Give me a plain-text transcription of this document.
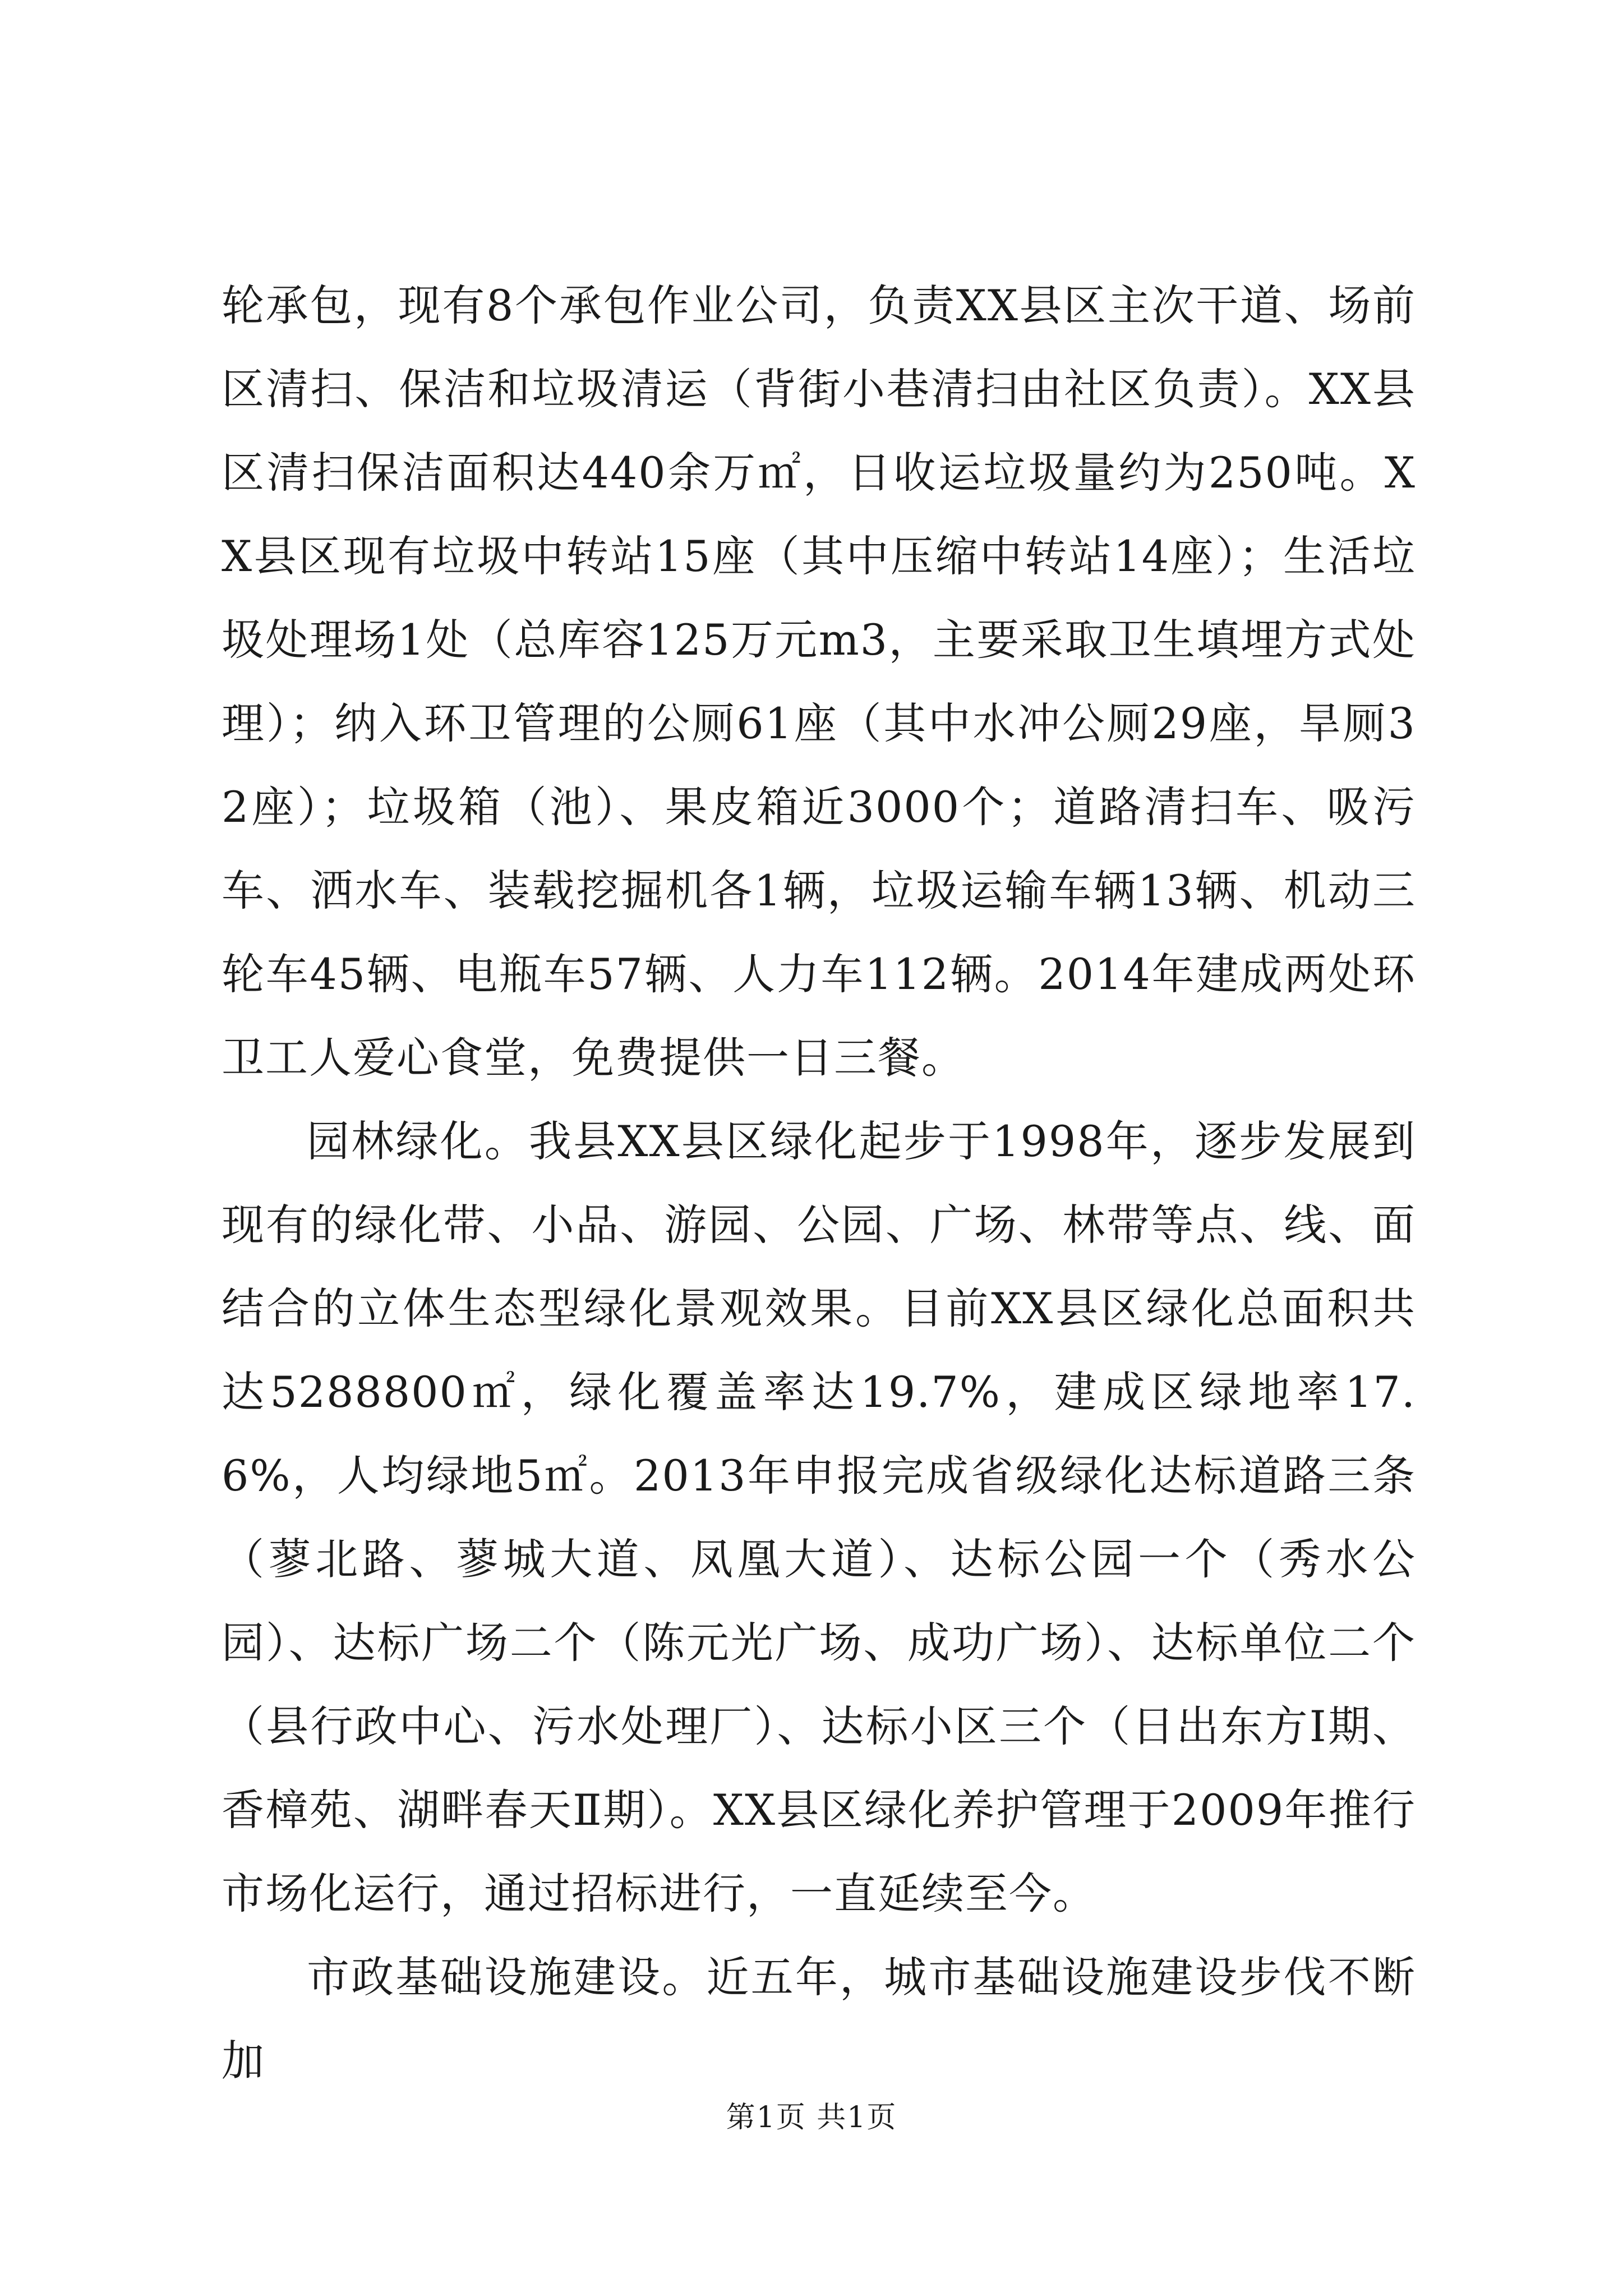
轮承包，现有8个承包作业公司，负责XX县区主次干道、场前区清扫、保洁和垃圾清运（背街小巷清扫由社区负责）。XX县区清扫保洁面积达440余万㎡，日收运垃圾量约为250吨。XX县区现有垃圾中转站15座（其中压缩中转站14座）；生活垃圾处理场1处（总库容125万元m3，主要采取卫生填埋方式处理）；纳入环卫管理的公厕61座（其中水冲公厕29座，旱厕32座）；垃圾箱（池）、果皮箱近3000个；道路清扫车、吸污车、洒水车、装载挖掘机各1辆，垃圾运输车辆13辆、机动三轮车45辆、电瓶车57辆、人力车112辆。2014年建成两处环卫工人爱心食堂，免费提供一日三餐。

园林绿化。我县XX县区绿化起步于1998年，逐步发展到现有的绿化带、小品、游园、公园、广场、林带等点、线、面结合的立体生态型绿化景观效果。目前XX县区绿化总面积共达5288800㎡，绿化覆盖率达19.7%，建成区绿地率17.6%，人均绿地5㎡。2013年申报完成省级绿化达标道路三条（蓼北路、蓼城大道、凤凰大道）、达标公园一个（秀水公园）、达标广场二个（陈元光广场、成功广场）、达标单位二个（县行政中心、污水处理厂）、达标小区三个（日出东方Ⅰ期、香樟苑、湖畔春天Ⅱ期）。XX县区绿化养护管理于2009年推行市场化运行，通过招标进行，一直延续至今。

市政基础设施建设。近五年，城市基础设施建设步伐不断加

第1页 共1页
